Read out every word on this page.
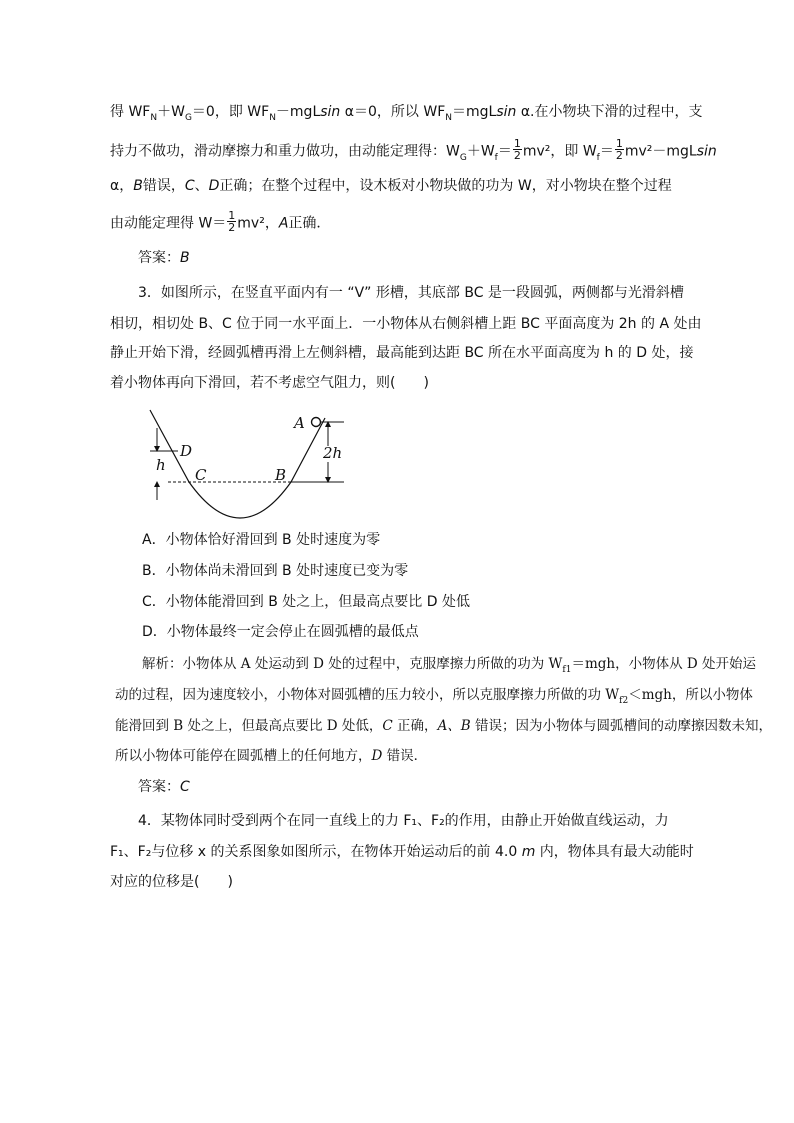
得 $WF_N+W_G=0$，即 $WF_N-mgLsin$ α＝0，所以 $WF_N=mgLsin$ α.在小物块下滑的过程中，支
持力不做功，滑动摩擦力和重力做功，由动能定理得：$W_G+W_f= \frac{1}{2} mv^2$，即 $W_f= \frac{1}{2} mv^2-mgLsin$
α，B错误，C、D正确；在整个过程中，设木板对小物块做的功为 W，对小物块在整个过程
由动能定理得 $W= \frac{1}{2} mv^2$，A正确．
答案：B
3．如图所示，在竖直平面内有一 “V” 形槽，其底部 BC 是一段圆弧，两侧都与光滑斜槽
相切，相切处 B、C 位于同一水平面上．一小物体从右侧斜槽上距 BC 平面高度为 2h 的 A 处由
静止开始下滑，经圆弧槽再滑上左侧斜槽，最高能到达距 BC 所在水平面高度为 h 的 D 处，接
着小物体再向下滑回，若不考虑空气阻力，则(　　)
A
D
h
C	B
2h
A．小物体恰好滑回到 B 处时速度为零
B．小物体尚未滑回到 B 处时速度已变为零
C．小物体能滑回到 B 处之上，但最高点要比 D 处低
D．小物体最终一定会停止在圆弧槽的最低点
解析：小物体从 A 处运动到 D 处的过程中，克服摩擦力所做的功为 $W_{f1}=mgh$，小物体从 D 处开始运
动的过程，因为速度较小，小物体对圆弧槽的压力较小，所以克服摩擦力所做的功 $W_{f2}<mgh$，所以小物体
能滑回到 B 处之上，但最高点要比 D 处低，C 正确，A、B 错误；因为小物体与圆弧槽间的动摩擦因数未知，
所以小物体可能停在圆弧槽上的任何地方，D 错误．
答案：C
4．某物体同时受到两个在同一直线上的力 F₁、F₂的作用，由静止开始做直线运动，力
F₁、F₂与位移 x 的关系图象如图所示，在物体开始运动后的前 4.0 m 内，物体具有最大动能时
对应的位移是(　　)
